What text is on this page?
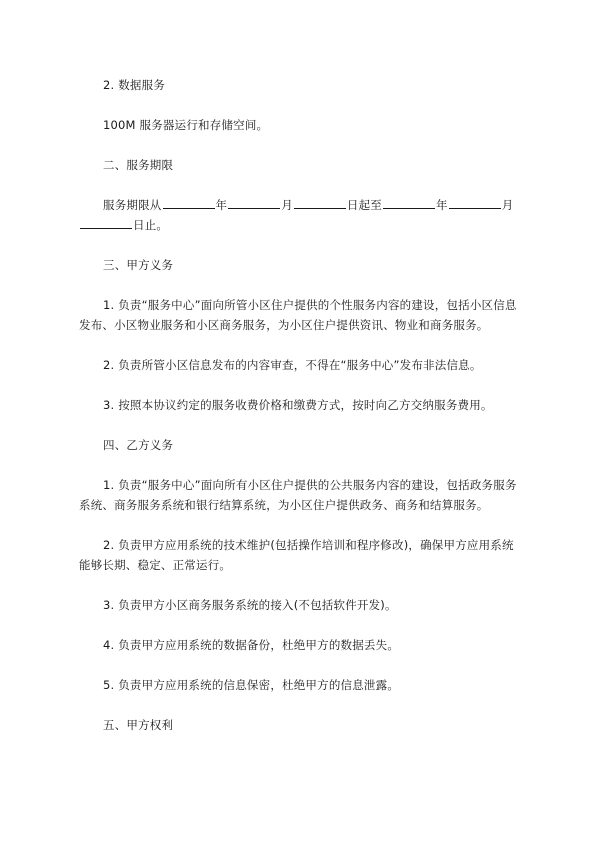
2. 数据服务
100M 服务器运行和存储空间。
二、服务期限
服务期限从	年	月	日起至	年	月
日止。
三、甲方义务
1. 负责“服务中心”面向所管小区住户提供的个性服务内容的建设，包括小区信息
发布、小区物业服务和小区商务服务，为小区住户提供资讯、物业和商务服务。
2. 负责所管小区信息发布的内容审查，不得在“服务中心”发布非法信息。
3. 按照本协议约定的服务收费价格和缴费方式，按时向乙方交纳服务费用。
四、乙方义务
1. 负责“服务中心”面向所有小区住户提供的公共服务内容的建设，包括政务服务
系统、商务服务系统和银行结算系统，为小区住户提供政务、商务和结算服务。
2. 负责甲方应用系统的技术维护(包括操作培训和程序修改)，确保甲方应用系统
能够长期、稳定、正常运行。
3. 负责甲方小区商务服务系统的接入(不包括软件开发)。
4. 负责甲方应用系统的数据备份，杜绝甲方的数据丢失。
5. 负责甲方应用系统的信息保密，杜绝甲方的信息泄露。
五、甲方权利
